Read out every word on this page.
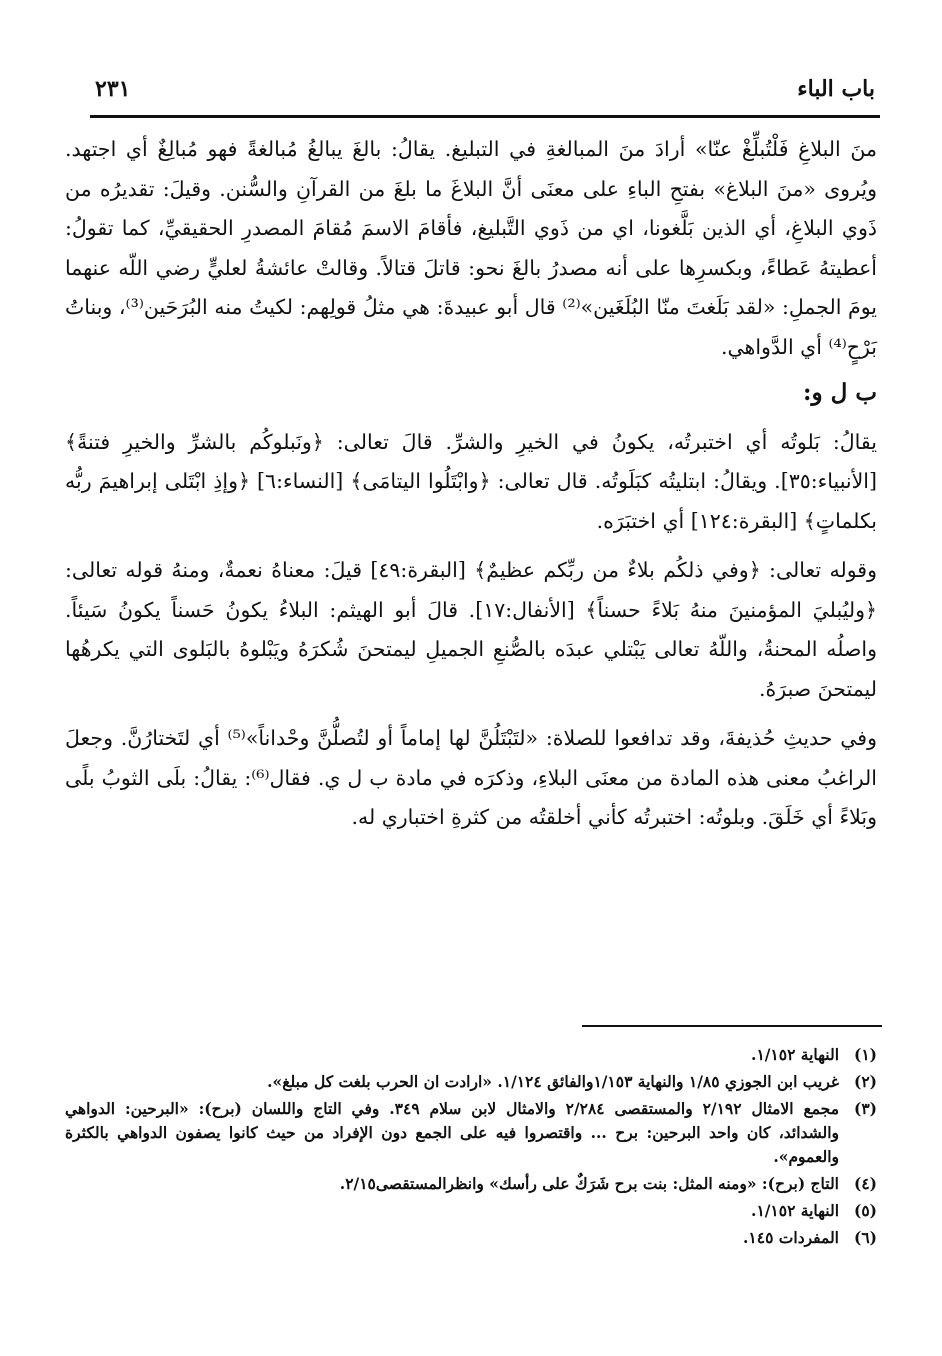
باب الباء
٢٣١

منَ البلاغِ فَلْتُبلِّغْ عنّا» أرادَ منَ المبالغةِ في التبليغ. يقالُ: بالغَ يبالغُ مُبالغةً فهو مُبالِغٌ أي اجتهد. ويُروى «منَ البلاغ» بفتحِ الباءِ على معنَى أنَّ البلاغَ ما بلغَ من القرآنِ والسُّنن. وقيلَ: تقديرُه من ذَوي البلاغِ، أي الذين بَلَّغونا، اي من ذَوي التَّبليغ، فأقامَ الاسمَ مُقامَ المصدرِ الحقيقيِّ، كما تقولُ: أعطيتهُ عَطاءً، وبكسرِها على أنه مصدرُ بالغَ نحو: قاتلَ قتالاً. وقالتْ عائشةُ لعليٍّ رضي اللّه عنهما يومَ الجملِ: «لقد بَلَغتَ منّا البُلَغَين»⁽²⁾ قال أبو عبيدةَ: هي مثلُ قولِهم: لكيتُ منه البُرَحَين⁽³⁾، وبناتُ بَرْحٍ⁽⁴⁾ أي الدَّواهي.

ب ل و:

يقالُ: بَلوتُه أي اختبرتُه، يكونُ في الخيرِ والشرِّ. قالَ تعالى: ﴿ونَبلوكُم بالشرِّ والخيرِ فتنةً﴾ [الأنبياء:٣٥]. ويقالُ: ابتليتُه كبَلَوتُه. قال تعالى: ﴿وابْتَلُوا اليتامَى﴾ [النساء:٦] ﴿وإذِ ابْتَلى إبراهيمَ ربُّه بكلماتٍ﴾ [البقرة:١٢٤] أي اختبَرَه.

وقوله تعالى: ﴿وفي ذلكُم بلاءٌ من ربِّكم عظيمٌ﴾ [البقرة:٤٩] قيلَ: معناهُ نعمةٌ، ومنهُ قوله تعالى: ﴿وليُبليَ المؤمنينَ منهُ بَلاءً حسناً﴾ [الأنفال:١٧]. قالَ أبو الهيثم: البلاءُ يكونُ حَسناً يكونُ سَيئاً. واصلُه المحنةُ، واللّهُ تعالى يَبْتلي عبدَه بالصُّنعِ الجميلِ ليمتحنَ شُكرَهُ ويَبْلوهُ بالبَلوى التي يكرهُها ليمتحنَ صبرَهُ.

وفي حديثِ حُذيفةَ، وقد تدافعوا للصلاة: «لتَبْتَلُنَّ لها إماماً أو لتُصلُّنَّ وحْداناً»⁽⁵⁾ أي لتَختارُنَّ. وجعلَ الراغبُ معنى هذه المادة من معنَى البلاءِ، وذكرَه في مادة ب ل ي. فقال⁽⁶⁾: يقالُ: بلَى الثوبُ بلًى وبَلاءً أي خَلَقَ. وبلوتُه: اختبرتُه كأني أخلقتُه من كثرةِ اختباري له.

(١)
النهاية ١/١٥٢.
(٢)
غريب ابن الجوزي ١/٨٥ والنهاية ١/١٥٣والفائق ١/١٢٤. «ارادت ان الحرب بلغت كل مبلغ».
(٣)
مجمع الامثال ٢/١٩٢ والمستقصى ٢/٢٨٤ والامثال لابن سلام ٣٤٩. وفي التاج واللسان (برح): «البرحين: الدواهي والشدائد، كان واحد البرحين: برح ... واقتصروا فيه على الجمع دون الإفراد من حيث كانوا يصفون الدواهي بالكثرة والعموم».
(٤)
التاج (برح): «ومنه المثل: بنت برح شَرَكٌ على رأسك» وانظرالمستقصى٢/١٥.
(٥)
النهاية ١/١٥٢.
(٦)
المفردات ١٤٥.
